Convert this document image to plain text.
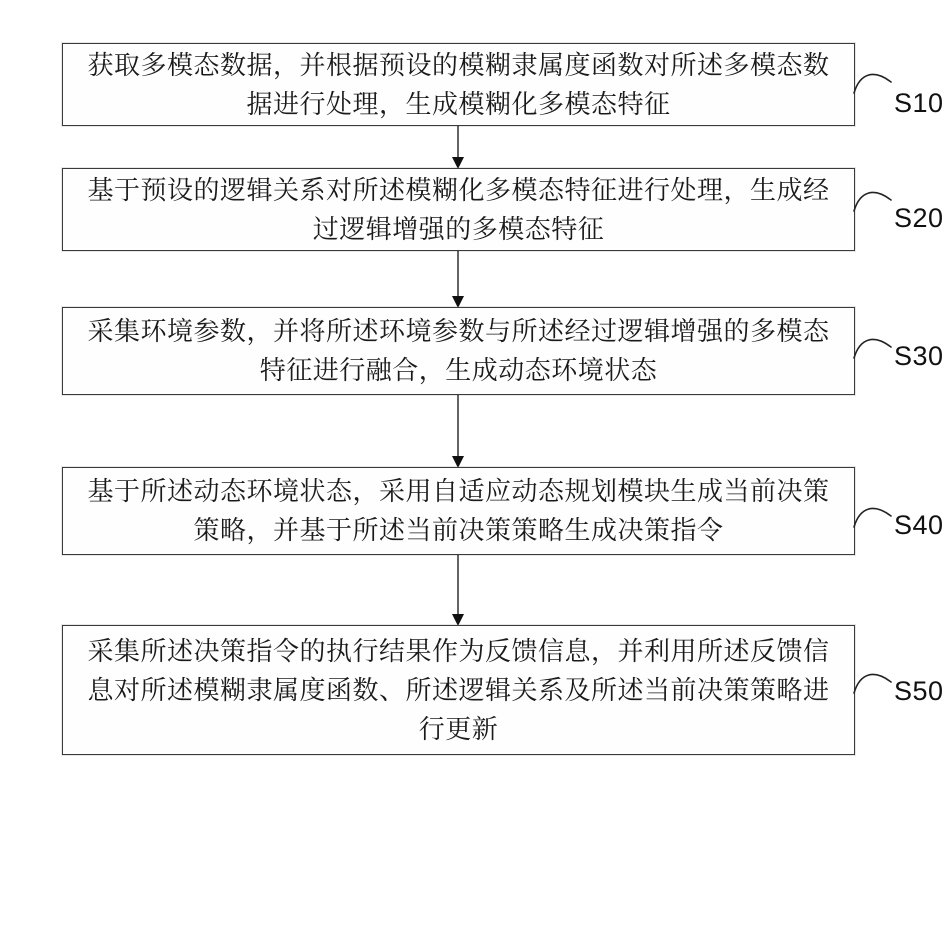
获取多模态数据，并根据预设的模糊隶属度函数对所述多模态数
据进行处理，生成模糊化多模态特征	S10
基于预设的逻辑关系对所述模糊化多模态特征进行处理，生成经
过逻辑增强的多模态特征	S20
采集环境参数，并将所述环境参数与所述经过逻辑增强的多模态
特征进行融合，生成动态环境状态	S30
基于所述动态环境状态，采用自适应动态规划模块生成当前决策
策略，并基于所述当前决策策略生成决策指令	S40
采集所述决策指令的执行结果作为反馈信息，并利用所述反馈信
息对所述模糊隶属度函数、所述逻辑关系及所述当前决策策略进
行更新
S50
